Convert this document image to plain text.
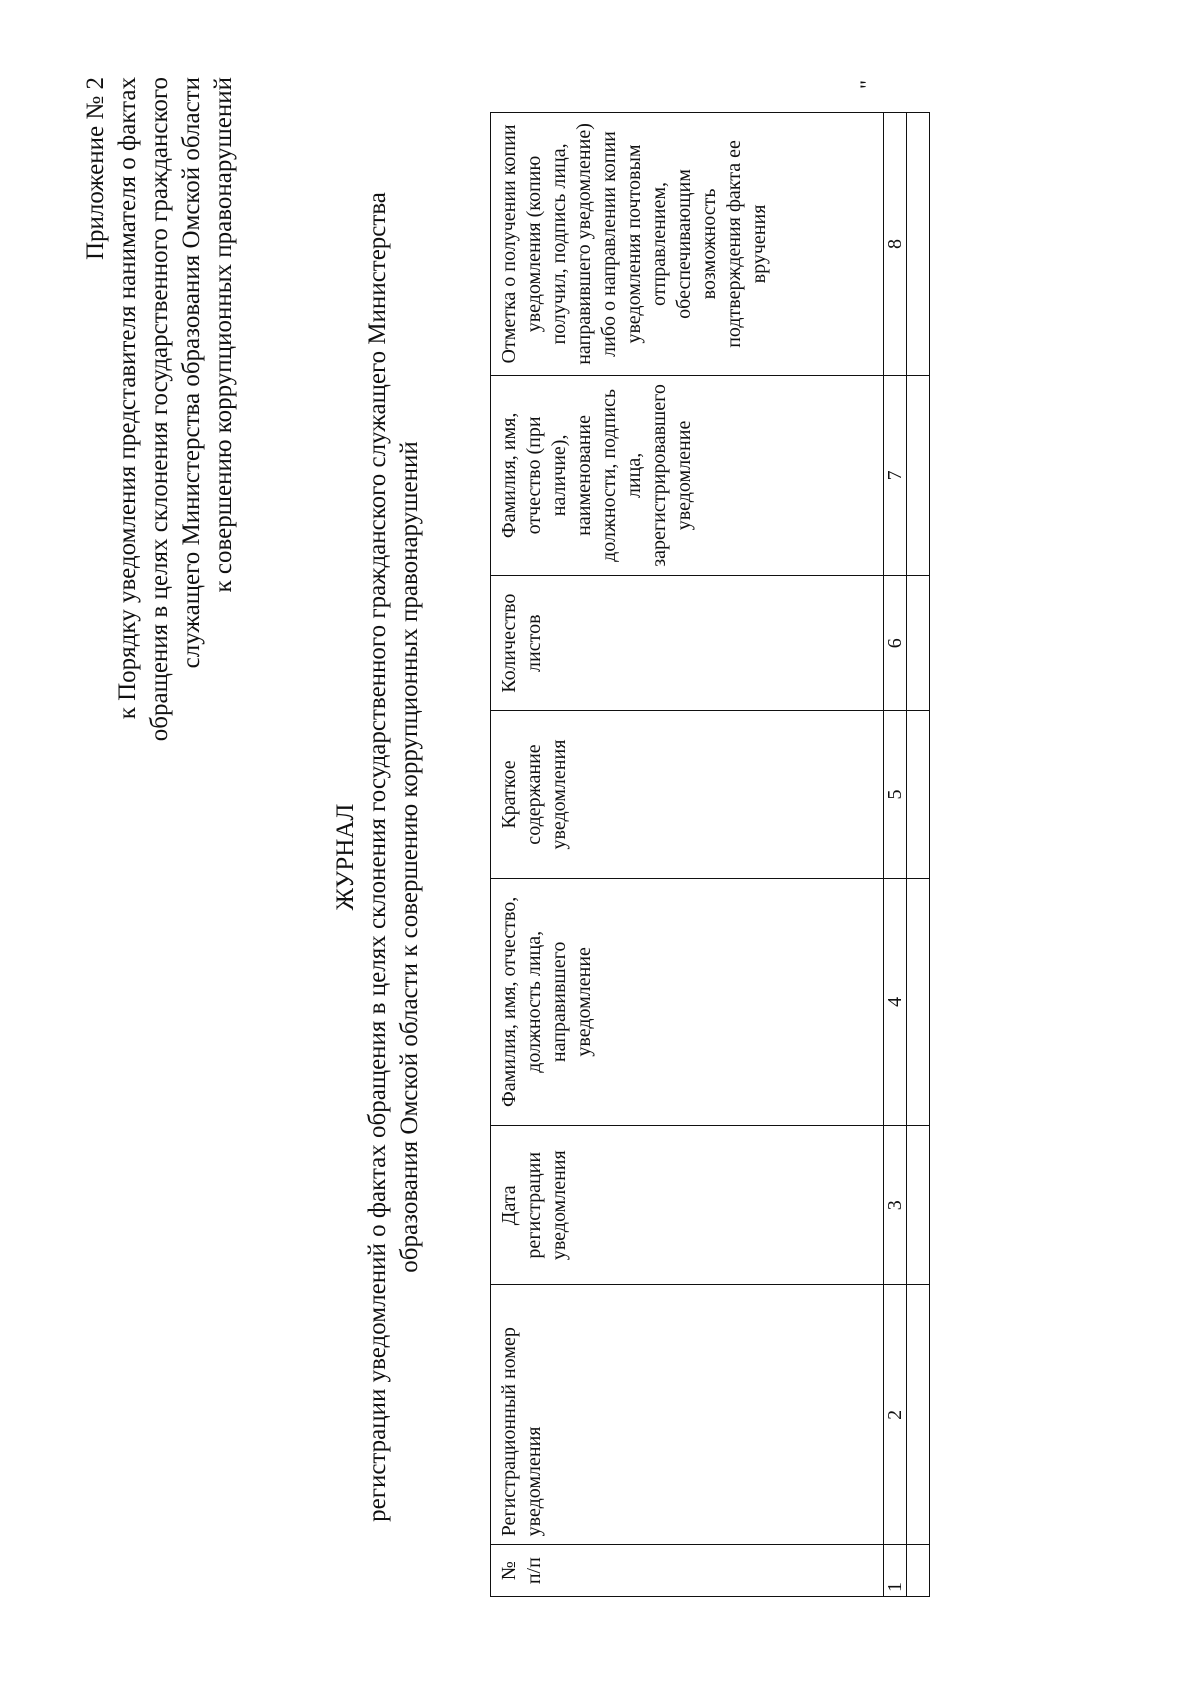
Приложение № 2 к Порядку уведомления представителя нанимателя о фактах обращения в целях склонения государственного гражданского служащего Министерства образования Омской области к совершению коррупционных правонарушений
ЖУРНАЛ регистрации уведомлений о фактах обращения в целях склонения государственного гражданского служащего Министерства образования Омской области к совершению коррупционных правонарушений
№ п/п	Регистрационный номер уведомления	Дата регистрации уведомления	Фамилия, имя, отчество, должность лица, направившего уведомление	Краткое содержание уведомления	Количество листов	Фамилия, имя, отчество (при наличие), наименование должности, подпись лица, зарегистрировавшего уведомление	Отметка о получении копии уведомления (копию получил, подпись лица, направившего уведомление) либо о направлении копии уведомления почтовым отправлением, обеспечивающим возможность подтверждения факта ее вручения
1	2	3	4	5	6	7	8

"
